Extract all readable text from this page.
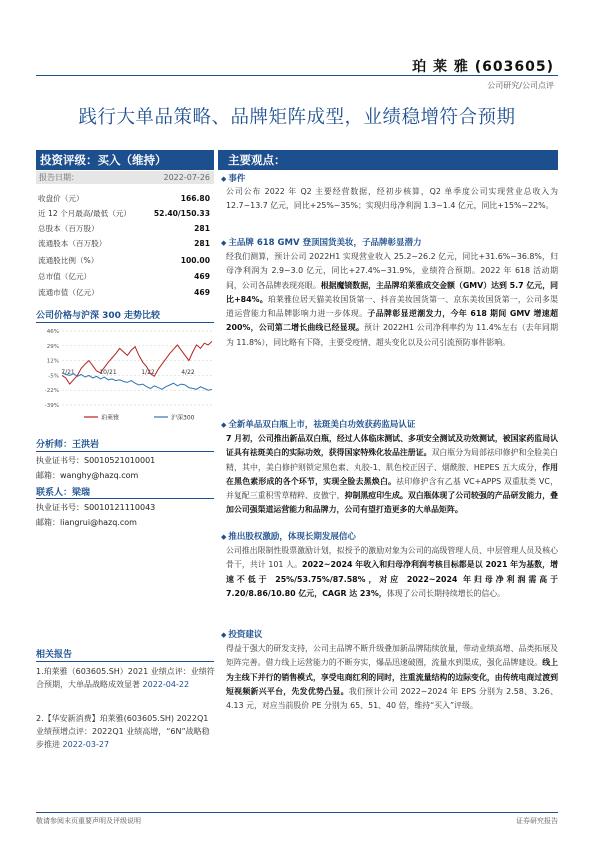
珀 莱 雅 (603605)
公司研究/公司点评
践行大单品策略、品牌矩阵成型，业绩稳增符合预期
投资评级：买入（维持）
报告日期：	2022-07-26
收盘价（元）	166.80
近 12 个月最高/最低（元）	52.40/150.33
总股本（百万股）	281
流通股本（百万股）	281
流通股比例（%）	100.00
总市值（亿元）	469
流通市值（亿元）	469
公司价格与沪深 300 走势比较
46%
29%
12%
-5%
-22%
-39%
7/21	10/21	1/22	4/22
珀莱雅	沪深300
分析师：王洪岩
执业证书号：S0010521010001
邮箱：wanghy@hazq.com
联系人：梁瑞
执业证书号：S0010121110043
邮箱：liangrui@hazq.com
相关报告
1.珀莱雅（603605.SH）2021 业绩点评：业绩符合预期，大单品战略成效显著 2022-04-22
2.【华安新消费】珀莱雅(603605.SH) 2022Q1 业绩预增点评：2022Q1 业绩高增，“6N”战略稳步推进 2022-03-27
主要观点：
◆ 事件
公司公布 2022 年 Q2 主要经营数据，经初步核算，Q2 单季度公司实现营业总收入为 12.7~13.7 亿元，同比+25%~35%；实现归母净利润 1.3~1.4 亿元，同比+15%~22%。
◆ 主品牌 618 GMV 登顶国货美妆，子品牌彰显潜力
经我们测算，预计公司 2022H1 实现营业收入 25.2~26.2 亿元，同比+31.6%~36.8%，归母净利润为 2.9~3.0 亿元，同比+27.4%~31.9%，业绩符合预期。2022 年 618 活动期间，公司各品牌表现亮眼。根据魔镜数据，主品牌珀莱雅成交金额（GMV）达到 5.7 亿元，同比+84%。珀莱雅位居天猫美妆国货第一、抖音美妆国货第一、京东美妆国货第一，公司多渠道运营能力和品牌影响力进一步体现。子品牌彰显逆潮发力，今年 618 期间 GMV 增速超 200%，公司第二增长曲线已经显现。预计 2022H1 公司净利率约为 11.4%左右（去年同期为 11.8%），同比略有下降，主要受疫情、超头变化以及公司引流预防事件影响。
◆ 全新单品双白瓶上市，祛斑美白功效获药监局认证
7 月初，公司推出新品双白瓶，经过人体临床测试、多项安全测试及功效测试，被国家药监局认证具有祛斑美白的实际功效，获得国家特殊化妆品注册证。双白瓶分为局部祛印修护和全脸美白精，其中，美白修护则锁定黑色素、丸胶-1、肌色校正因子、烟酰胺、HEPES 五大成分，作用在黑色素形成的各个环节，实现全脸去黑焕白。祛印修护含有乙基 VC+APPS 双重肽类 VC，并复配三重积雪草精粹、皮傲宁，抑制黑痘印生成。双白瓶体现了公司较强的产品研发能力，叠加公司强渠道运营能力和品牌力，公司有望打造更多的大单品矩阵。
◆ 推出股权激励，体现长期发展信心
公司推出限制性股票激励计划，拟授予的激励对象为公司的高级管理人员、中层管理人员及核心骨干，共计 101 人。2022~2024 年收入和归母净利润考核目标都是以 2021 年为基数，增速不低于 25%/53.75%/87.58%，对应 2022~2024 年归母净利润需高于 7.20/8.86/10.80 亿元，CAGR 达 23%，体现了公司长期持续增长的信心。
◆ 投资建议
得益于强大的研发支持，公司主品牌不断升级叠加新品牌陆续放量，带动业绩高增、品类拓展及矩阵完善。借力线上运营能力的不断夯实，爆品迅速破圈，流量水到渠成，强化品牌建设。线上为主线下并行的销售模式，享受电商红利的同时，注重流量结构的边际变化，由传统电商过渡到短视频新兴平台，先发优势凸显。我们预计公司 2022~2024 年 EPS 分别为 2.58、3.26、4.13 元，对应当前股价 PE 分别为 65、51、40 倍，维持“买入”评级。
敬请参阅末页重要声明及评级说明	证券研究报告
